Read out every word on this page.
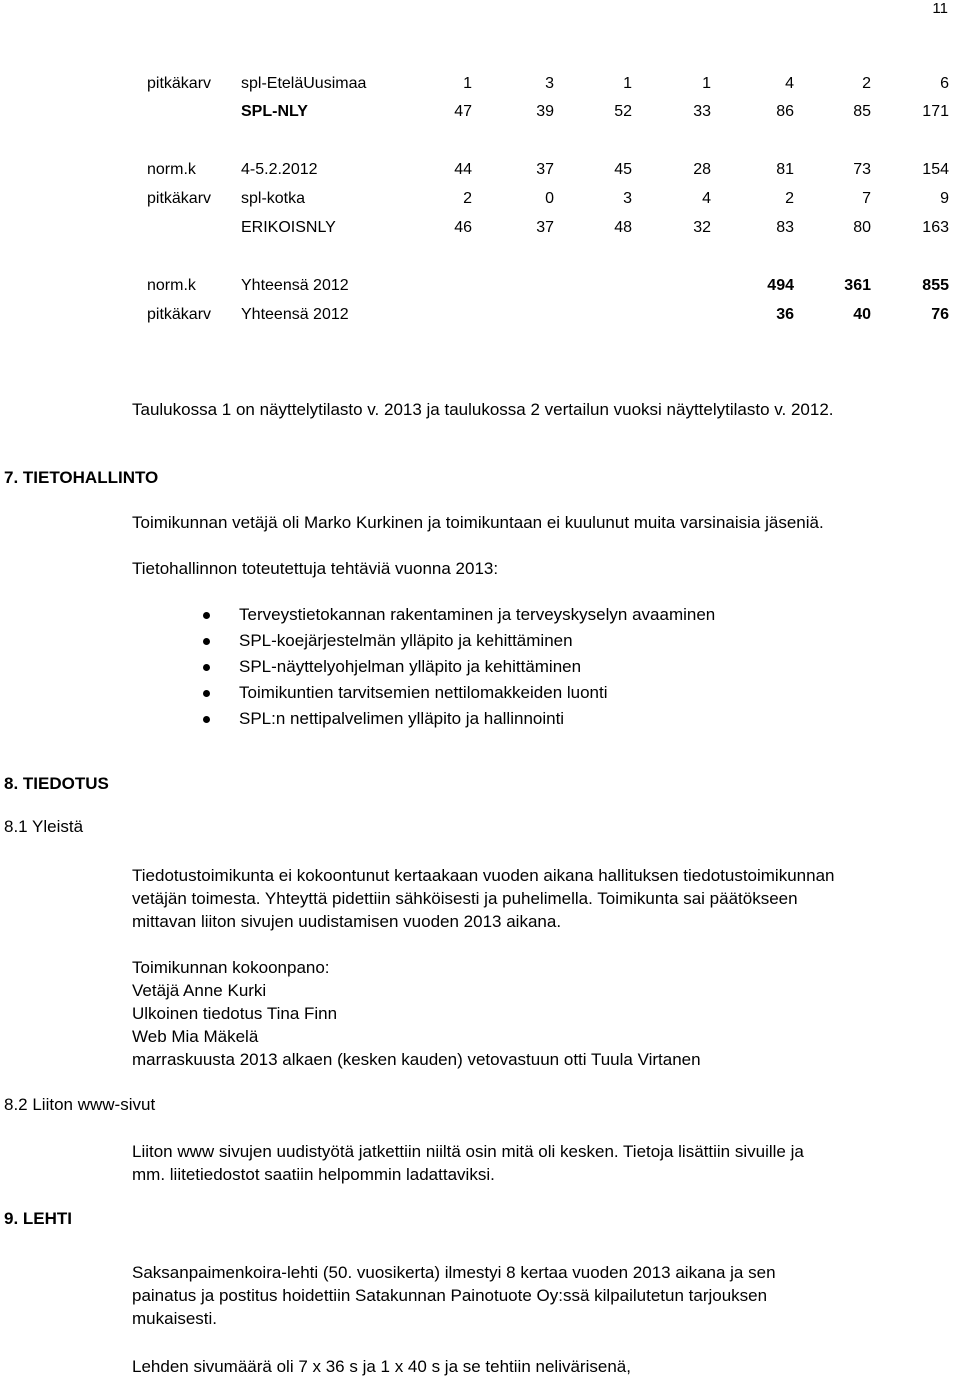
11
pitkäkarv spl-EteläUusimaa	1	3	1	1	4	2	6
SPL-NLY	47	39	52	33	86	85	171
norm.k	4-5.2.2012	44	37	45	28	81	73	154
pitkäkarv spl-kotka	2	0	3	4	2	7	9
ERIKOISNLY	46	37	48	32	83	80	163
norm.k	Yhteensä 2012	494	361	855
pitkäkarv Yhteensä 2012	36	40	76
Taulukossa 1 on näyttelytilasto v. 2013 ja taulukossa 2 vertailun vuoksi näyttelytilasto v. 2012.
7. TIETOHALLINTO
Toimikunnan vetäjä oli Marko Kurkinen ja toimikuntaan ei kuulunut muita varsinaisia jäseniä.
Tietohallinnon toteutettuja tehtäviä vuonna 2013:
Terveystietokannan rakentaminen ja terveyskyselyn avaaminen
SPL-koejärjestelmän ylläpito ja kehittäminen
SPL-näyttelyohjelman ylläpito ja kehittäminen
Toimikuntien tarvitsemien nettilomakkeiden luonti
SPL:n nettipalvelimen ylläpito ja hallinnointi
8. TIEDOTUS
8.1 Yleistä
Tiedotustoimikunta ei kokoontunut kertaakaan vuoden aikana hallituksen tiedotustoimikunnan
vetäjän toimesta. Yhteyttä pidettiin sähköisesti ja puhelimella. Toimikunta sai päätökseen
mittavan liiton sivujen uudistamisen vuoden 2013 aikana.
Toimikunnan kokoonpano:
Vetäjä Anne Kurki
Ulkoinen tiedotus Tina Finn
Web Mia Mäkelä
marraskuusta 2013 alkaen (kesken kauden) vetovastuun otti Tuula Virtanen
8.2 Liiton www-sivut
Liiton www sivujen uudistyötä jatkettiin niiltä osin mitä oli kesken. Tietoja lisättiin sivuille ja
mm. liitetiedostot saatiin helpommin ladattaviksi.
9. LEHTI
Saksanpaimenkoira-lehti (50. vuosikerta) ilmestyi 8 kertaa vuoden 2013 aikana ja sen
painatus ja postitus hoidettiin Satakunnan Painotuote Oy:ssä kilpailutetun tarjouksen
mukaisesti.
Lehden sivumäärä oli 7 x 36 s ja 1 x 40 s ja se tehtiin nelivärisenä,
